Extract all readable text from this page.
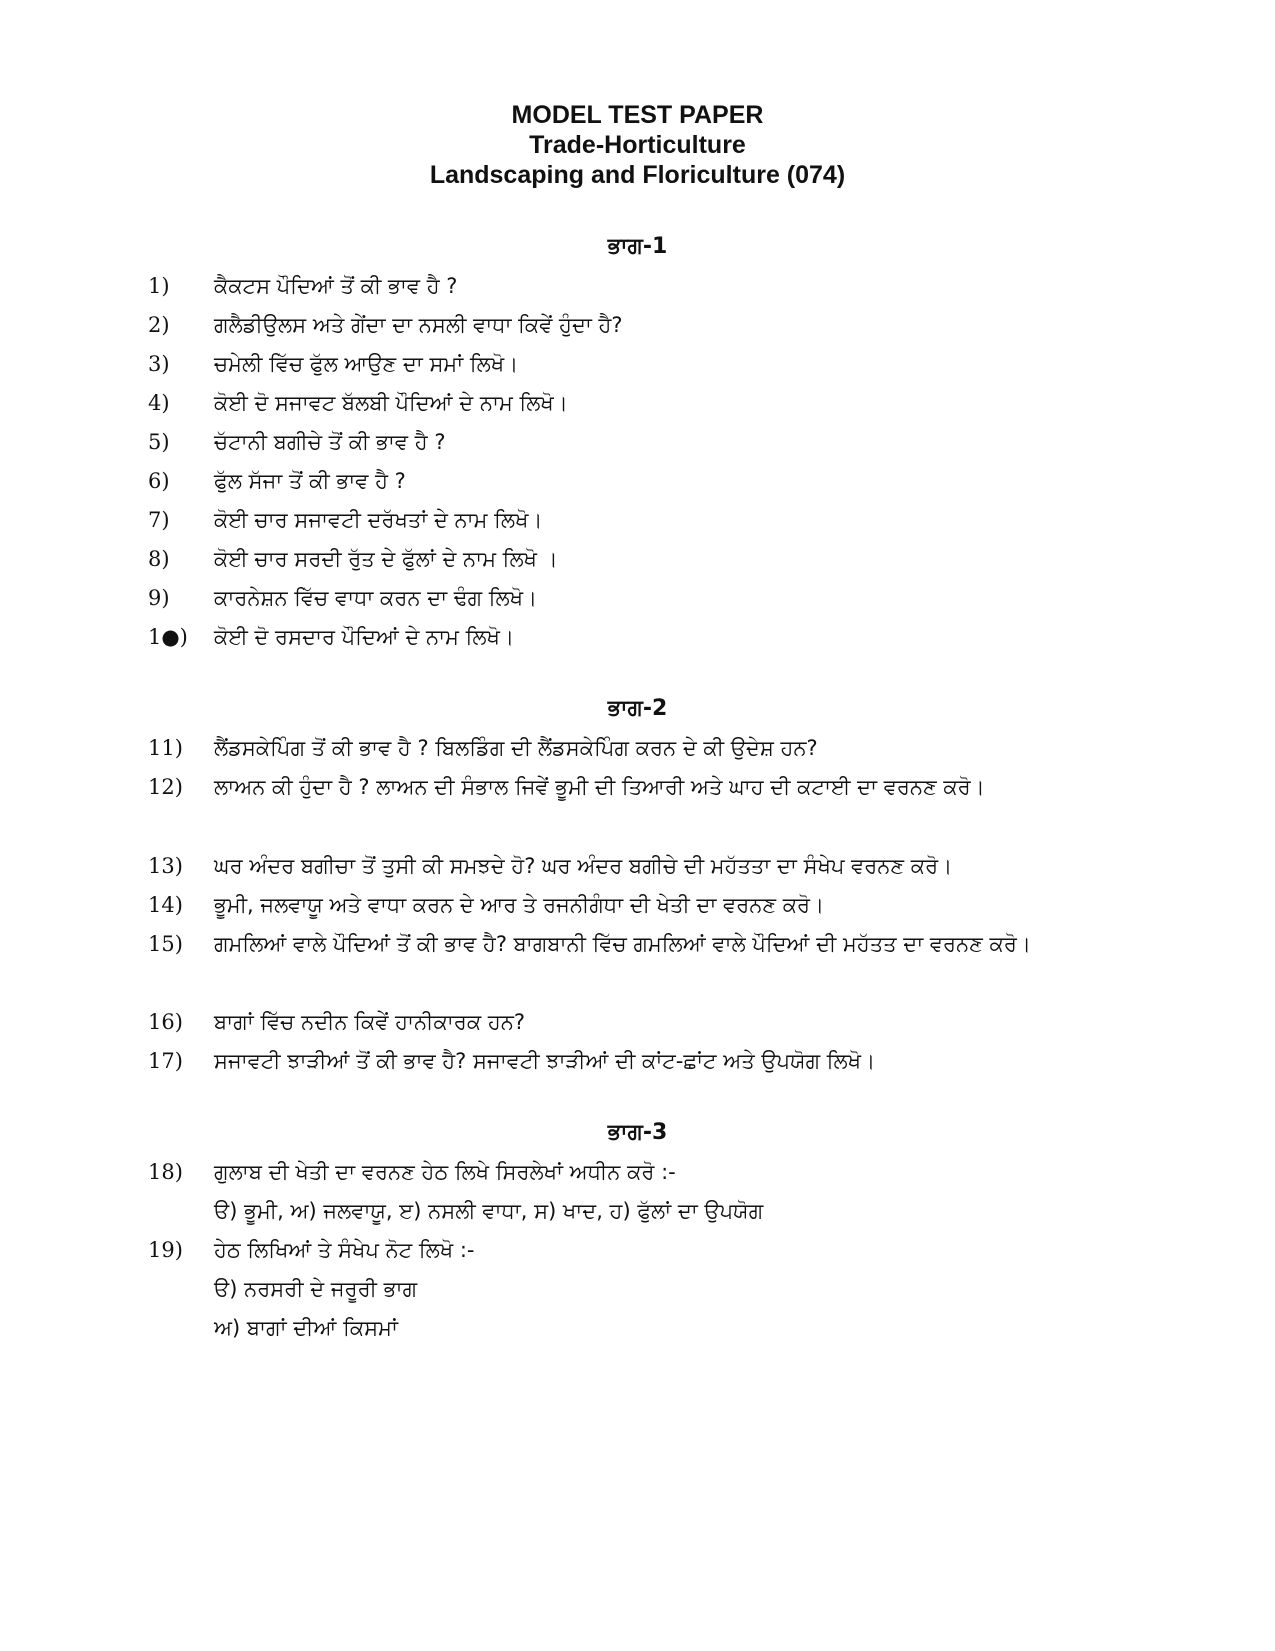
MODEL TEST PAPER
Trade-Horticulture
Landscaping and Floriculture (074)
ਭਾਗ-1
1)	ਕੈਕਟਸ ਪੌਦਿਆਂ ਤੋਂ ਕੀ ਭਾਵ ਹੈ ?
2)	ਗਲੈਡੀਉਲਸ ਅਤੇ ਗੇਂਦਾ ਦਾ ਨਸਲੀ ਵਾਧਾ ਕਿਵੇਂ ਹੁੰਦਾ ਹੈ?
3)	ਚਮੇਲੀ ਵਿੱਚ ਫੁੱਲ ਆਉਣ ਦਾ ਸਮਾਂ ਲਿਖੋ।
4)	ਕੋਈ ਦੋ ਸਜਾਵਟ ਬੱਲਬੀ ਪੌਦਿਆਂ ਦੇ ਨਾਮ ਲਿਖੋ।
5)	ਚੱਟਾਨੀ ਬਗੀਚੇ ਤੋਂ ਕੀ ਭਾਵ ਹੈ ?
6)	ਫੁੱਲ ਸੱਜਾ ਤੋਂ ਕੀ ਭਾਵ ਹੈ ?
7)	ਕੋਈ ਚਾਰ ਸਜਾਵਟੀ ਦਰੱਖਤਾਂ ਦੇ ਨਾਮ ਲਿਖੋ।
8)	ਕੋਈ ਚਾਰ ਸਰਦੀ ਰੁੱਤ ਦੇ ਫੁੱਲਾਂ ਦੇ ਨਾਮ ਲਿਖੋ ।
9)	ਕਾਰਨੇਸ਼ਨ ਵਿੱਚ ਵਾਧਾ ਕਰਨ ਦਾ ਢੰਗ ਲਿਖੋ।
1●)	ਕੋਈ ਦੋ ਰਸਦਾਰ ਪੌਦਿਆਂ ਦੇ ਨਾਮ ਲਿਖੋ।
ਭਾਗ-2
11)	ਲੈਂਡਸਕੇਪਿੰਗ ਤੋਂ ਕੀ ਭਾਵ ਹੈ ? ਬਿਲਡਿੰਗ ਦੀ ਲੈਂਡਸਕੇਪਿੰਗ ਕਰਨ ਦੇ ਕੀ ਉਦੇਸ਼ ਹਨ?
12)	ਲਾਅਨ ਕੀ ਹੁੰਦਾ ਹੈ ? ਲਾਅਨ ਦੀ ਸੰਭਾਲ ਜਿਵੇਂ ਭੂਮੀ ਦੀ ਤਿਆਰੀ ਅਤੇ ਘਾਹ ਦੀ ਕਟਾਈ ਦਾ ਵਰਨਣ ਕਰੋ।
13)	ਘਰ ਅੰਦਰ ਬਗੀਚਾ ਤੋਂ ਤੁਸੀ ਕੀ ਸਮਝਦੇ ਹੋ? ਘਰ ਅੰਦਰ ਬਗੀਚੇ ਦੀ ਮਹੱਤਤਾ ਦਾ ਸੰਖੇਪ ਵਰਨਣ ਕਰੋ।
14)	ਭੂਮੀ, ਜਲਵਾਯੂ ਅਤੇ ਵਾਧਾ ਕਰਨ ਦੇ ਆਰ ਤੇ ਰਜਨੀਗੰਧਾ ਦੀ ਖੇਤੀ ਦਾ ਵਰਨਣ ਕਰੋ।
15)	ਗਮਲਿਆਂ ਵਾਲੇ ਪੌਦਿਆਂ ਤੋਂ ਕੀ ਭਾਵ ਹੈ? ਬਾਗਬਾਨੀ ਵਿੱਚ ਗਮਲਿਆਂ ਵਾਲੇ ਪੌਦਿਆਂ ਦੀ ਮਹੱਤਤ ਦਾ ਵਰਨਣ ਕਰੋ।
16)	ਬਾਗਾਂ ਵਿੱਚ ਨਦੀਨ ਕਿਵੇਂ ਹਾਨੀਕਾਰਕ ਹਨ?
17)	ਸਜਾਵਟੀ ਝਾੜੀਆਂ ਤੋਂ ਕੀ ਭਾਵ ਹੈ? ਸਜਾਵਟੀ ਝਾੜੀਆਂ ਦੀ ਕਾਂਟ-ਛਾਂਟ ਅਤੇ ਉਪਯੋਗ ਲਿਖੋ।
ਭਾਗ-3
18)	ਗੁਲਾਬ ਦੀ ਖੇਤੀ ਦਾ ਵਰਨਣ ਹੇਠ ਲਿਖੇ ਸਿਰਲੇਖਾਂ ਅਧੀਨ ਕਰੋ :-
ੳ) ਭੂਮੀ, ਅ) ਜਲਵਾਯੂ, ੲ) ਨਸਲੀ ਵਾਧਾ, ਸ) ਖਾਦ, ਹ) ਫੁੱਲਾਂ ਦਾ ਉਪਯੋਗ
19)	ਹੇਠ ਲਿਖਿਆਂ ਤੇ ਸੰਖੇਪ ਨੋਟ ਲਿਖੋ :-
ੳ) ਨਰਸਰੀ ਦੇ ਜਰੂਰੀ ਭਾਗ
ਅ) ਬਾਗਾਂ ਦੀਆਂ ਕਿਸਮਾਂ
